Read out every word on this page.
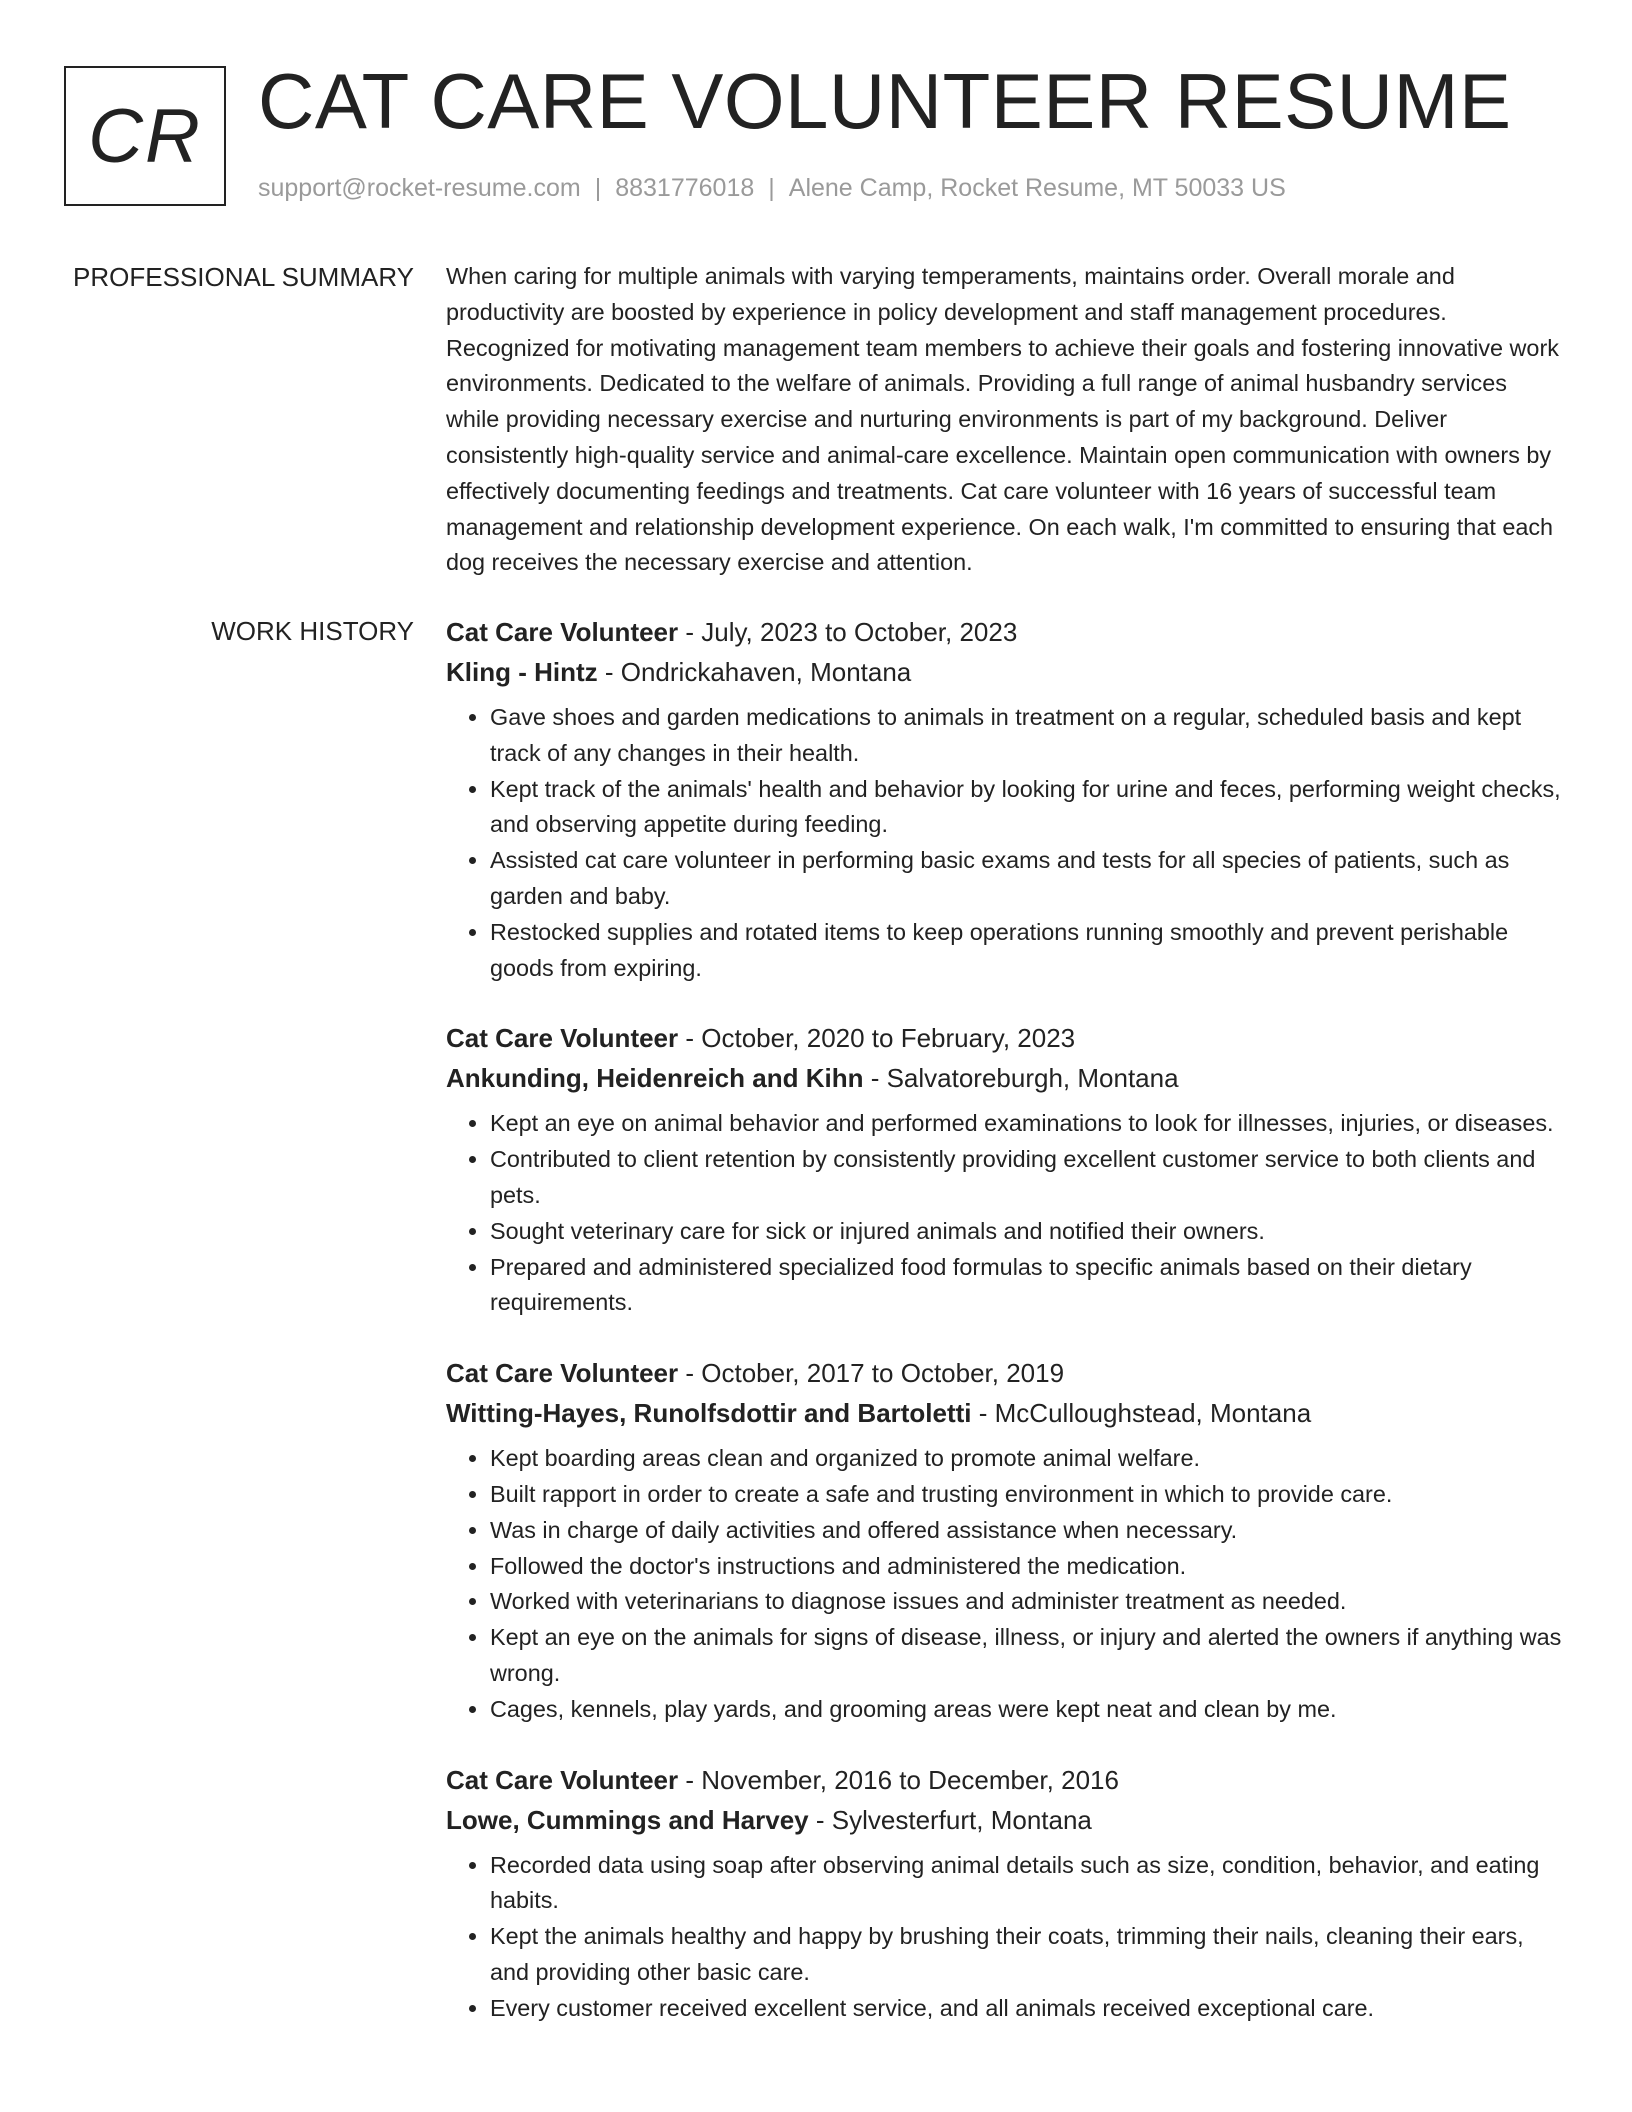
CR CAT CARE VOLUNTEER RESUME
support@rocket-resume.com | 8831776018 | Alene Camp, Rocket Resume, MT 50033 US
PROFESSIONAL SUMMARY When caring for multiple animals with varying temperaments, maintains order. Overall morale and productivity are boosted by experience in policy development and staff management procedures. Recognized for motivating management team members to achieve their goals and fostering innovative work environments. Dedicated to the welfare of animals. Providing a full range of animal husbandry services while providing necessary exercise and nurturing environments is part of my background. Deliver consistently high-quality service and animal-care excellence. Maintain open communication with owners by effectively documenting feedings and treatments. Cat care volunteer with 16 years of successful team management and relationship development experience. On each walk, I'm committed to ensuring that each dog receives the necessary exercise and attention.

WORK HISTORY Cat Care Volunteer - July, 2023 to October, 2023
Kling - Hintz - Ondrickahaven, Montana
• Gave shoes and garden medications to animals in treatment on a regular, scheduled basis and kept track of any changes in their health.
• Kept track of the animals' health and behavior by looking for urine and feces, performing weight checks, and observing appetite during feeding.
• Assisted cat care volunteer in performing basic exams and tests for all species of patients, such as garden and baby.
• Restocked supplies and rotated items to keep operations running smoothly and prevent perishable goods from expiring.
Cat Care Volunteer - October, 2020 to February, 2023
Ankunding, Heidenreich and Kihn - Salvatoreburgh, Montana
• Kept an eye on animal behavior and performed examinations to look for illnesses, injuries, or diseases.
• Contributed to client retention by consistently providing excellent customer service to both clients and pets.
• Sought veterinary care for sick or injured animals and notified their owners.
• Prepared and administered specialized food formulas to specific animals based on their dietary requirements.
Cat Care Volunteer - October, 2017 to October, 2019
Witting-Hayes, Runolfsdottir and Bartoletti - McCulloughstead, Montana
• Kept boarding areas clean and organized to promote animal welfare.
• Built rapport in order to create a safe and trusting environment in which to provide care.
• Was in charge of daily activities and offered assistance when necessary.
• Followed the doctor's instructions and administered the medication.
• Worked with veterinarians to diagnose issues and administer treatment as needed.
• Kept an eye on the animals for signs of disease, illness, or injury and alerted the owners if anything was wrong.
• Cages, kennels, play yards, and grooming areas were kept neat and clean by me.
Cat Care Volunteer - November, 2016 to December, 2016
Lowe, Cummings and Harvey - Sylvesterfurt, Montana
• Recorded data using soap after observing animal details such as size, condition, behavior, and eating habits.
• Kept the animals healthy and happy by brushing their coats, trimming their nails, cleaning their ears, and providing other basic care.
• Every customer received excellent service, and all animals received exceptional care.
